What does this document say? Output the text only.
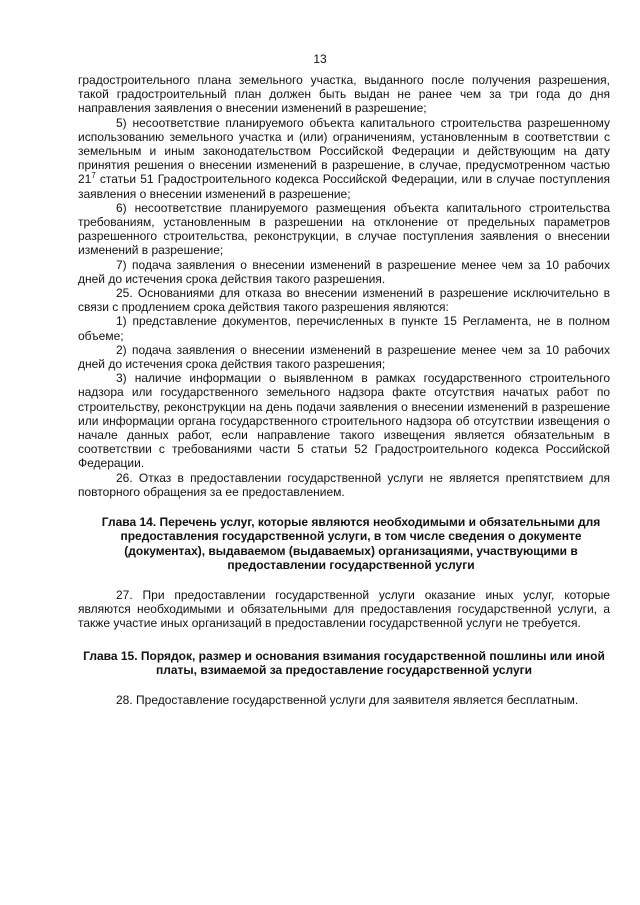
13

градостроительного плана земельного участка, выданного после получения разрешения, такой градостроительный план должен быть выдан не ранее чем за три года до дня направления заявления о внесении изменений в разрешение;

5) несоответствие планируемого объекта капитального строительства разрешенному использованию земельного участка и (или) ограничениям, установленным в соответствии с земельным и иным законодательством Российской Федерации и действующим на дату принятия решения о внесении изменений в разрешение, в случае, предусмотренном частью $21^7$ статьи 51 Градостроительного кодекса Российской Федерации, или в случае поступления заявления о внесении изменений в разрешение;

6) несоответствие планируемого размещения объекта капитального строительства требованиям, установленным в разрешении на отклонение от предельных параметров разрешенного строительства, реконструкции, в случае поступления заявления о внесении изменений в разрешение;

7) подача заявления о внесении изменений в разрешение менее чем за 10 рабочих дней до истечения срока действия такого разрешения.

25. Основаниями для отказа во внесении изменений в разрешение исключительно в связи с продлением срока действия такого разрешения являются:

1) представление документов, перечисленных в пункте 15 Регламента, не в полном объеме;

2) подача заявления о внесении изменений в разрешение менее чем за 10 рабочих дней до истечения срока действия такого разрешения;

3) наличие информации о выявленном в рамках государственного строительного надзора или государственного земельного надзора факте отсутствия начатых работ по строительству, реконструкции на день подачи заявления о внесении изменений в разрешение или информации органа государственного строительного надзора об отсутствии извещения о начале данных работ, если направление такого извещения является обязательным в соответствии с требованиями части 5 статьи 52 Градостроительного кодекса Российской Федерации.

26. Отказ в предоставлении государственной услуги не является препятствием для повторного обращения за ее предоставлением.

Глава 14. Перечень услуг, которые являются необходимыми и обязательными для предоставления государственной услуги, в том числе сведения о документе (документах), выдаваемом (выдаваемых) организациями, участвующими в предоставлении государственной услуги

27. При предоставлении государственной услуги оказание иных услуг, которые являются необходимыми и обязательными для предоставления государственной услуги, а также участие иных организаций в предоставлении государственной услуги не требуется.

Глава 15. Порядок, размер и основания взимания государственной пошлины или иной платы, взимаемой за предоставление государственной услуги

28. Предоставление государственной услуги для заявителя является бесплатным.
